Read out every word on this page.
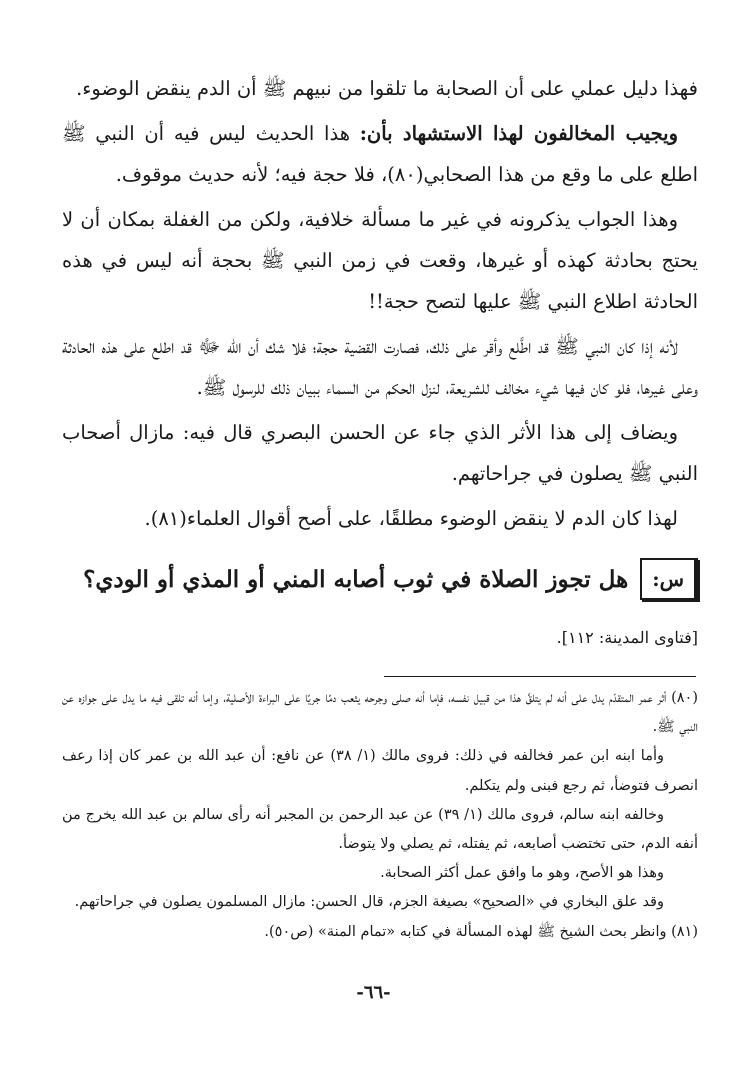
فهذا دليل عملي على أن الصحابة ما تلقوا من نبيهم ﷺ أن الدم ينقض الوضوء.

ويجيب المخالفون لهذا الاستشهاد بأن: هذا الحديث ليس فيه أن النبي ﷺ اطلع على ما وقع من هذا الصحابي(٨٠)، فلا حجة فيه؛ لأنه حديث موقوف.

وهذا الجواب يذكرونه في غير ما مسألة خلافية، ولكن من الغفلة بمكان أن لا يحتج بحادثة كهذه أو غيرها، وقعت في زمن النبي ﷺ بحجة أنه ليس في هذه الحادثة اطلاع النبي ﷺ عليها لتصح حجة!!

لأنه إذا كان النبي ﷺ قد اطَّلع وأقر على ذلك، فصارت القضية حجة؛ فلا شك أن الله ﷻ قد اطلع على هذه الحادثة وعلى غيرها، فلو كان فيها شيء مخالف للشريعة، لنزل الحكم من السماء ببيان ذلك للرسول ﷺ.

ويضاف إلى هذا الأثر الذي جاء عن الحسن البصري قال فيه: مازال أصحاب النبي ﷺ يصلون في جراحاتهم.

لهذا كان الدم لا ينقض الوضوء مطلقًا، على أصح أقوال العلماء(٨١).

س:
هل تجوز الصلاة في ثوب أصابه المني أو المذي أو الودي؟
[فتاوى المدينة: ١١٢].

(٨٠) أثر عمر المتقدّم يدل على أنه لم يتلقَّ هذا من قبيل نفسه، فإما أنه صلى وجرحه يثعب دمًا جريًا على البراءة الأصلية، وإما أنه تلقى فيه ما يدل على جوازه عن النبي ﷺ.

وأما ابنه ابن عمر فخالفه في ذلك: فروى مالك (١/ ٣٨) عن نافع: أن عبد الله بن عمر كان إذا رعف انصرف فتوضأ، ثم رجع فبنى ولم يتكلم.

وخالفه ابنه سالم، فروى مالك (١/ ٣٩) عن عبد الرحمن بن المجبر أنه رأى سالم بن عبد الله يخرج من أنفه الدم، حتى تختضب أصابعه، ثم يفتله، ثم يصلي ولا يتوضأ.

وهذا هو الأصح، وهو ما وافق عمل أكثر الصحابة.

وقد علق البخاري في «الصحيح» بصيغة الجزم، قال الحسن: مازال المسلمون يصلون في جراحاتهم.

(٨١) وانظر بحث الشيخ ﷺ لهذه المسألة في كتابه «تمام المنة» (ص٥٠).

-٦٦-
